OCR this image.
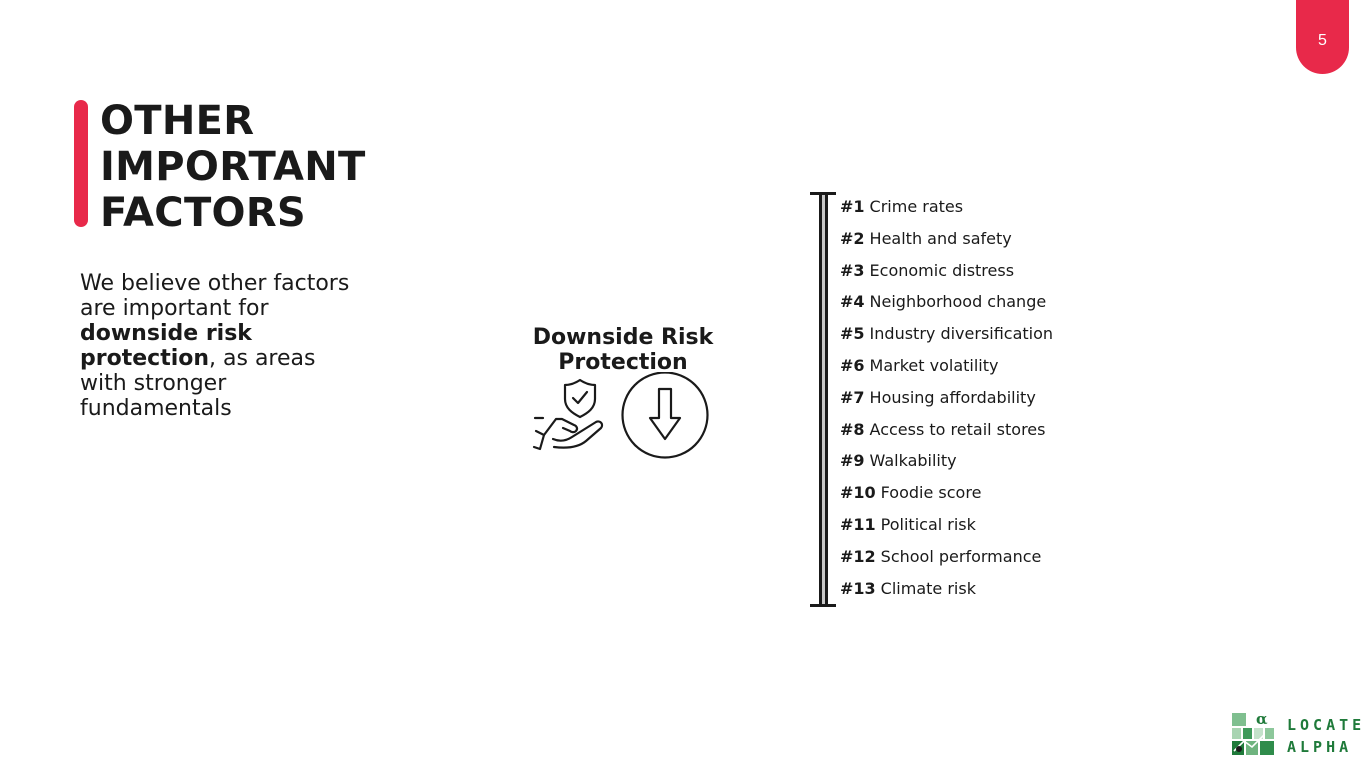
5
OTHER
IMPORTANT
FACTORS
We believe other factors are important for downside risk protection, as areas with stronger fundamentals
Downside Risk Protection
#1 Crime rates
#2 Health and safety
#3 Economic distress
#4 Neighborhood change
#5 Industry diversification
#6 Market volatility
#7 Housing affordability
#8 Access to retail stores
#9 Walkability
#10 Foodie score
#11 Political risk
#12 School performance
#13 Climate risk
α LOCATE
ALPHA
